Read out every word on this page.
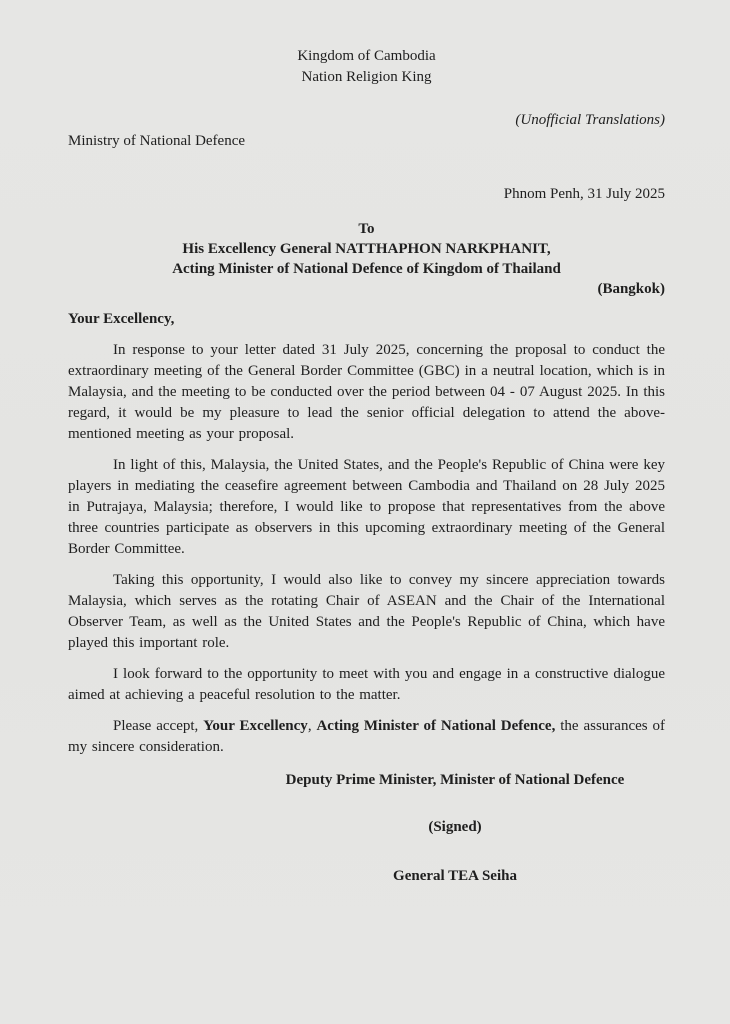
Kingdom of Cambodia
Nation Religion King
(Unofficial Translations)
Ministry of National Defence
Phnom Penh, 31 July 2025
To
His Excellency General NATTHAPHON NARKPHANIT,
Acting Minister of National Defence of Kingdom of Thailand
(Bangkok)
Your Excellency,

In response to your letter dated 31 July 2025, concerning the proposal to conduct the extraordinary meeting of the General Border Committee (GBC) in a neutral location, which is in Malaysia, and the meeting to be conducted over the period between 04 - 07 August 2025. In this regard, it would be my pleasure to lead the senior official delegation to attend the above-mentioned meeting as your proposal.

In light of this, Malaysia, the United States, and the People's Republic of China were key players in mediating the ceasefire agreement between Cambodia and Thailand on 28 July 2025 in Putrajaya, Malaysia; therefore, I would like to propose that representatives from the above three countries participate as observers in this upcoming extraordinary meeting of the General Border Committee.

Taking this opportunity, I would also like to convey my sincere appreciation towards Malaysia, which serves as the rotating Chair of ASEAN and the Chair of the International Observer Team, as well as the United States and the People's Republic of China, which have played this important role.

I look forward to the opportunity to meet with you and engage in a constructive dialogue aimed at achieving a peaceful resolution to the matter.

Please accept, Your Excellency, Acting Minister of National Defence, the assurances of my sincere consideration.

Deputy Prime Minister, Minister of National Defence
(Signed)
General TEA Seiha
